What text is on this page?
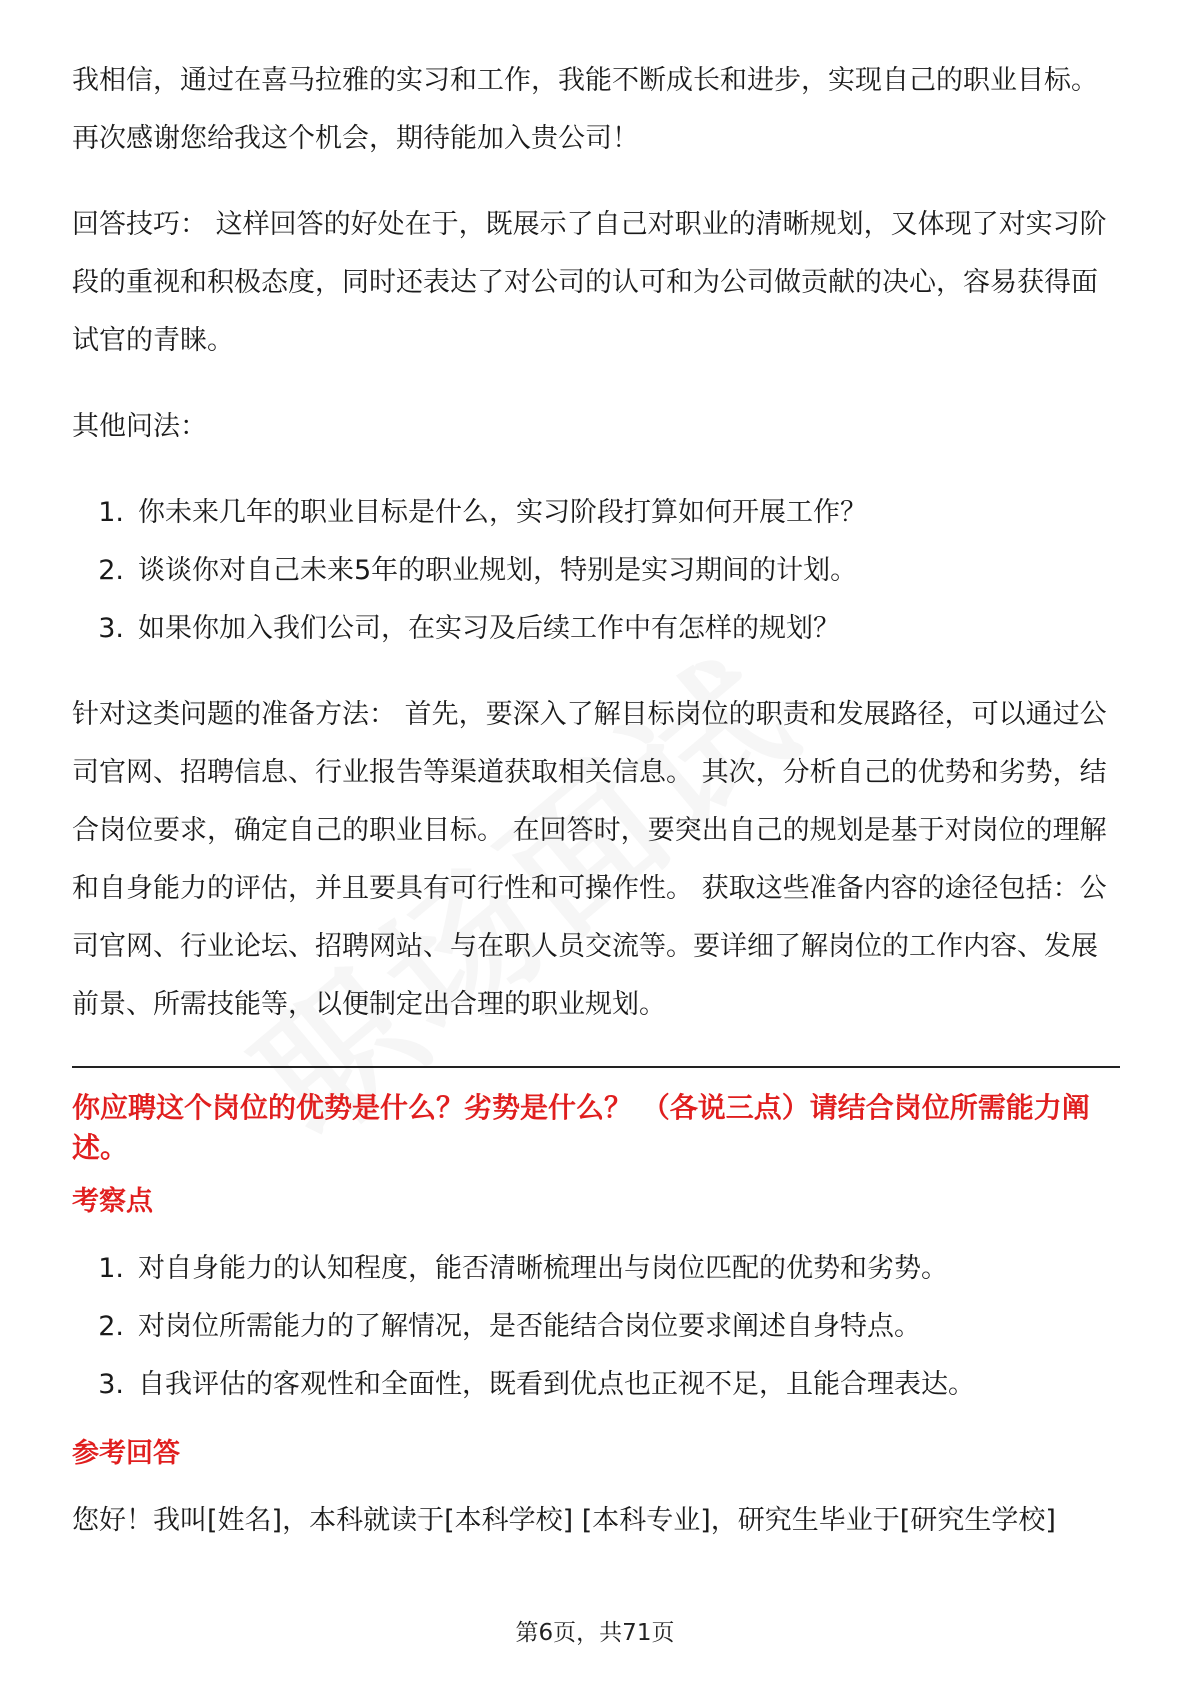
我相信，通过在喜马拉雅的实习和工作，我能不断成长和进步，实现自己的职业目标。再次感谢您给我这个机会，期待能加入贵公司！

回答技巧： 这样回答的好处在于，既展示了自己对职业的清晰规划，又体现了对实习阶段的重视和积极态度，同时还表达了对公司的认可和为公司做贡献的决心，容易获得面试官的青睐。

其他问法：

1. 你未来几年的职业目标是什么，实习阶段打算如何开展工作？
2. 谈谈你对自己未来5年的职业规划，特别是实习期间的计划。
3. 如果你加入我们公司，在实习及后续工作中有怎样的规划？

针对这类问题的准备方法： 首先，要深入了解目标岗位的职责和发展路径，可以通过公司官网、招聘信息、行业报告等渠道获取相关信息。 其次，分析自己的优势和劣势，结合岗位要求，确定自己的职业目标。 在回答时，要突出自己的规划是基于对岗位的理解和自身能力的评估，并且要具有可行性和可操作性。 获取这些准备内容的途径包括：公司官网、行业论坛、招聘网站、与在职人员交流等。要详细了解岗位的工作内容、发展前景、所需技能等，以便制定出合理的职业规划。

你应聘这个岗位的优势是什么？劣势是什么？ （各说三点）请结合岗位所需能力阐述。
考察点
1. 对自身能力的认知程度，能否清晰梳理出与岗位匹配的优势和劣势。
2. 对岗位所需能力的了解情况，是否能结合岗位要求阐述自身特点。
3. 自我评估的客观性和全面性，既看到优点也正视不足，且能合理表达。
参考回答

您好！我叫[姓名]，本科就读于[本科学校] [本科专业]，研究生毕业于[研究生学校]

第6页，共71页
